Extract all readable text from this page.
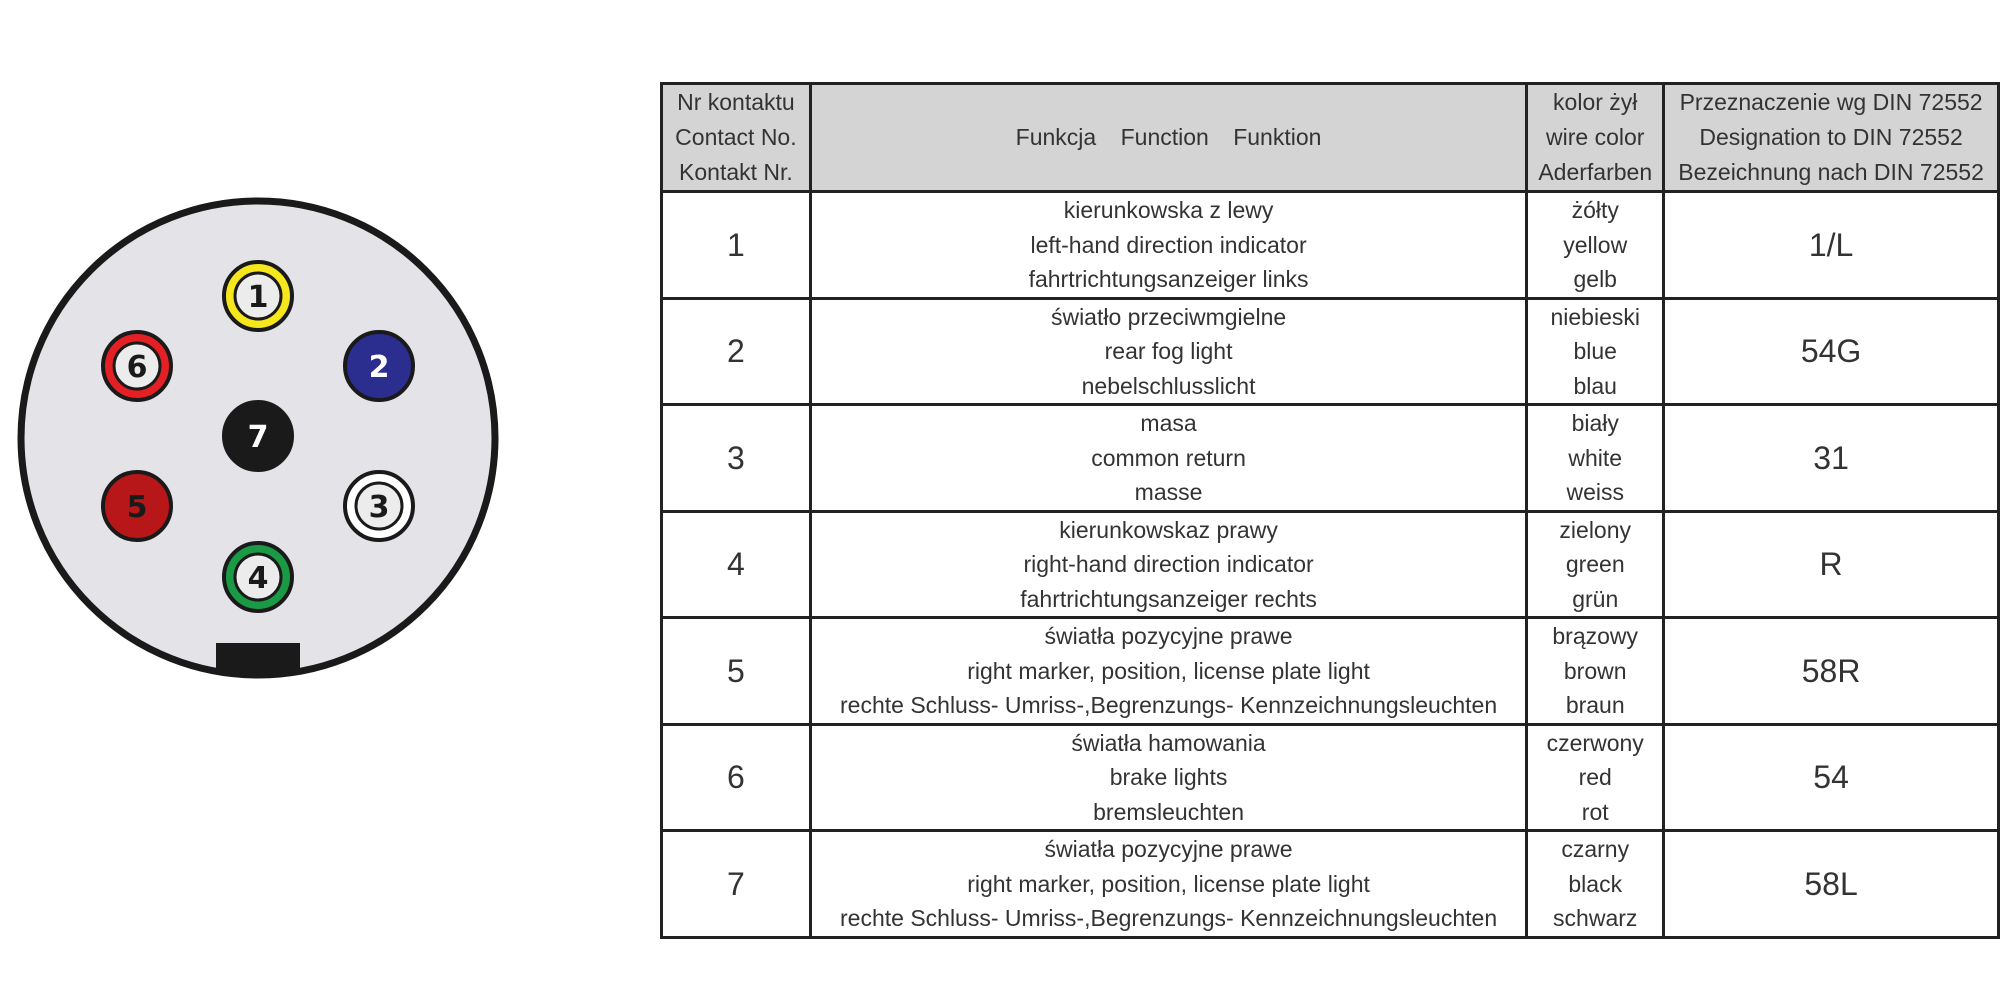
1
2
3
4
5
6
7
Nr kontaktu
Contact No.
Kontakt Nr.	Funkcja Function Funktion	kolor żył
wire color
Aderfarben	Przeznaczenie wg DIN 72552
Designation to DIN 72552
Bezeichnung nach DIN 72552

1	kierunkowska z lewy
left-hand direction indicator
fahrtrichtungsanzeiger links	żółty
yellow
gelb	1/L
2	światło przeciwmgielne
rear fog light
nebelschlusslicht	niebieski
blue
blau	54G
3	masa
common return
masse	biały
white
weiss	31
4	kierunkowskaz prawy
right-hand direction indicator
fahrtrichtungsanzeiger rechts	zielony
green
grün	R
5	światła pozycyjne prawe
right marker, position, license plate light
rechte Schluss- Umriss-,Begrenzungs- Kennzeichnungsleuchten	brązowy
brown
braun	58R
6	światła hamowania
brake lights
bremsleuchten	czerwony
red
rot	54
7	światła pozycyjne prawe
right marker, position, license plate light
rechte Schluss- Umriss-,Begrenzungs- Kennzeichnungsleuchten	czarny
black
schwarz	58L
